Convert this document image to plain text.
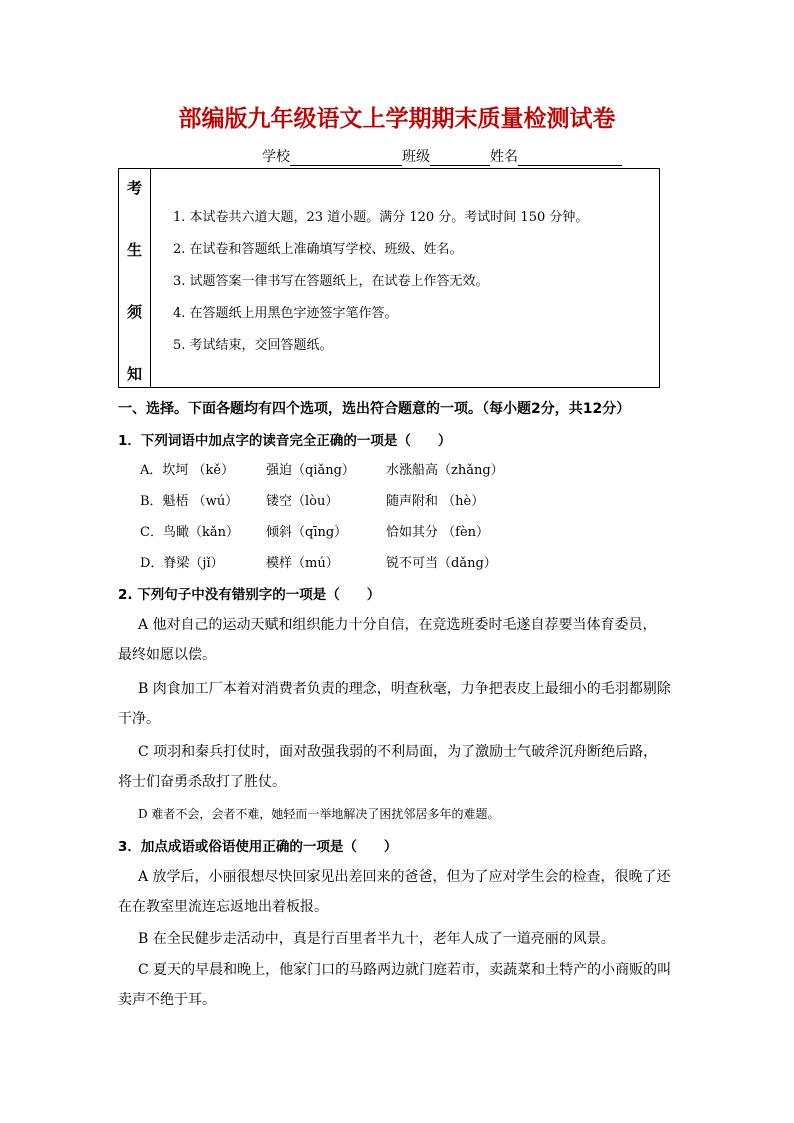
部编版九年级语文上学期期末质量检测试卷
学校	班级	姓名
考
生
须
知
1. 本试卷共六道大题，23 道小题。满分 120 分。考试时间 150 分钟。
2. 在试卷和答题纸上准确填写学校、班级、姓名。
3. 试题答案一律书写在答题纸上，在试卷上作答无效。
4. 在答题纸上用黑色字迹签字笔作答。
5. 考试结束，交回答题纸。
一、选择。下面各题均有四个选项，选出符合题意的一项。（每小题2分，共12分）
1．下列词语中加点字的读音完全正确的一项是（　　）
A．坎坷 （kě） 强迫（qiǎng） 水涨船高（zhǎng）
B．魁梧 （wú） 镂空（lòu）	随声附和 （hè）
C．鸟瞰（kǎn） 倾斜（qīng）	恰如其分 （fèn）
D．脊梁（jǐ）	模样（mú）	锐不可当（dǎng）
2. 下列句子中没有错别字的一项是（　　）
A 他对自己的运动天赋和组织能力十分自信，在竞选班委时毛遂自荐要当体育委员，
最终如愿以偿。
B 肉食加工厂本着对消费者负责的理念，明查秋毫，力争把表皮上最细小的毛羽都剔除
干净。
C 项羽和秦兵打仗时，面对敌强我弱的不利局面，为了激励士气破斧沉舟断绝后路，
将士们奋勇杀敌打了胜仗。
D 难者不会，会者不难，她轻而一举地解决了困扰邻居多年的难题。
3．加点成语或俗语使用正确的一项是（　　）
A 放学后，小丽很想尽快回家见出差回来的爸爸，但为了应对学生会的检查，很晚了还
在在教室里流连忘返地出着板报。
B 在全民健步走活动中，真是行百里者半九十，老年人成了一道亮丽的风景。
C 夏天的早晨和晚上，他家门口的马路两边就门庭若市，卖蔬菜和土特产的小商贩的叫
卖声不绝于耳。
